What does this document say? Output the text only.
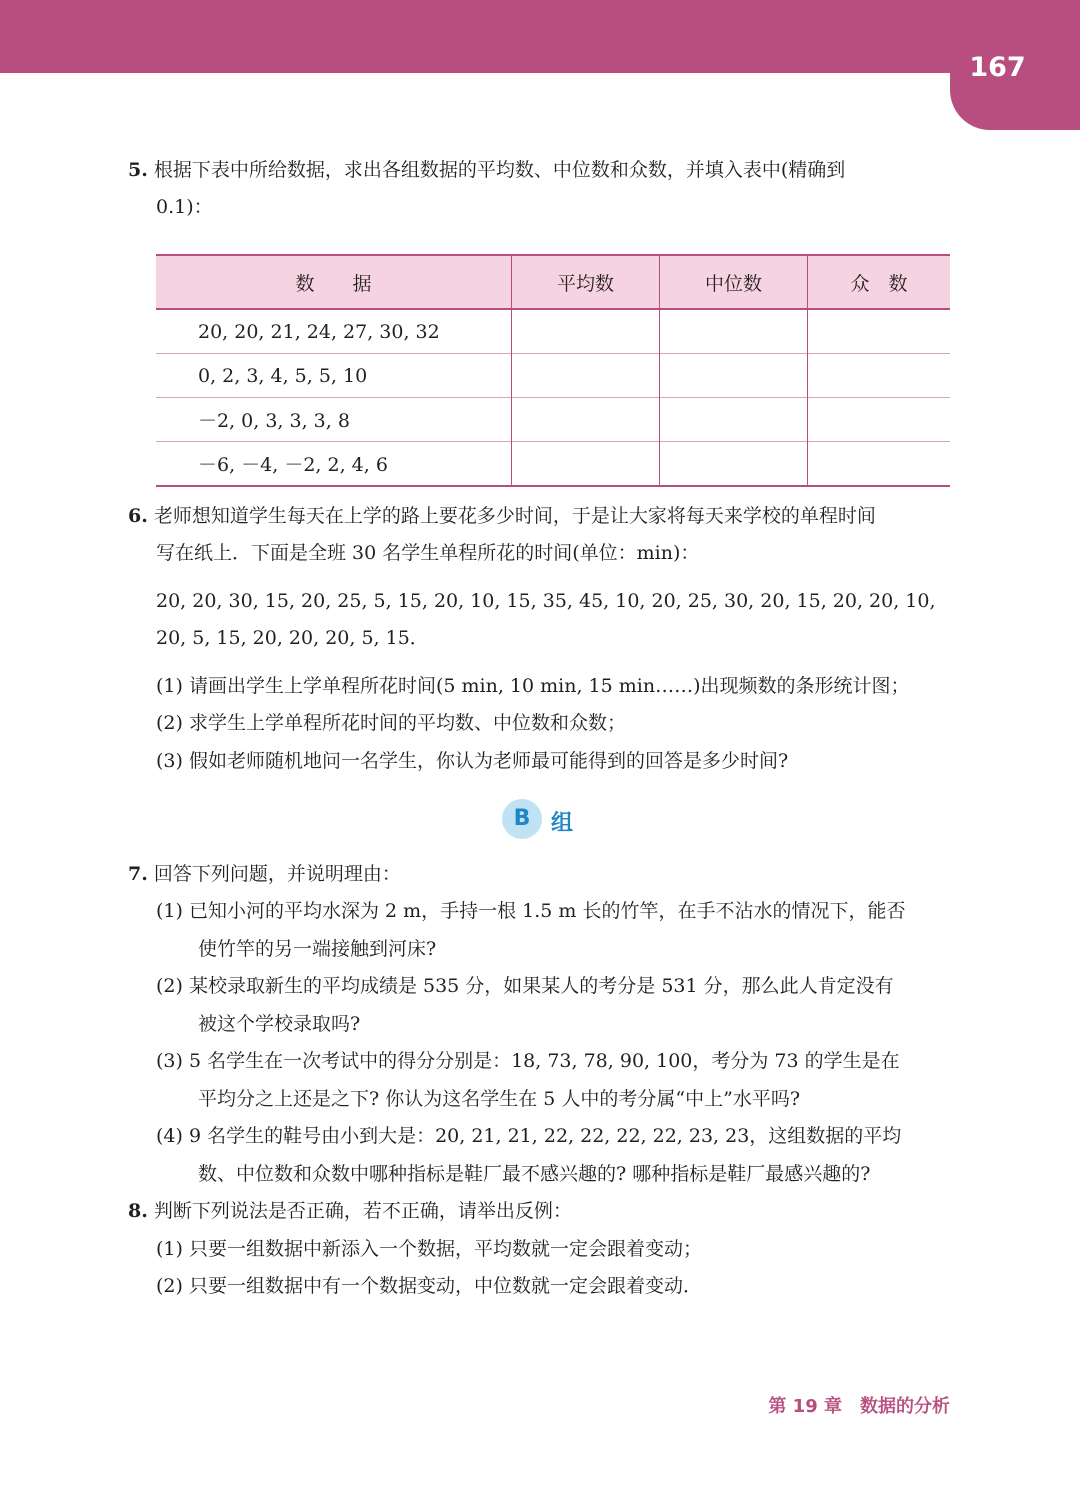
167
5. 根据下表中所给数据，求出各组数据的平均数、中位数和众数，并填入表中(精确到
0.1)：
数　　据	平均数	中位数	众　数
20, 20, 21, 24, 27, 30, 32			
0, 2, 3, 4, 5, 5, 10			
－2, 0, 3, 3, 3, 8			
－6, －4, －2, 2, 4, 6			
6. 老师想知道学生每天在上学的路上要花多少时间，于是让大家将每天来学校的单程时间
写在纸上．下面是全班 30 名学生单程所花的时间(单位：min)：
20, 20, 30, 15, 20, 25, 5, 15, 20, 10, 15, 35, 45, 10, 20, 25, 30, 20, 15, 20, 20, 10,
20, 5, 15, 20, 20, 20, 5, 15．
(1) 请画出学生上学单程所花时间(5 min, 10 min, 15 min……)出现频数的条形统计图；
(2) 求学生上学单程所花时间的平均数、中位数和众数；
(3) 假如老师随机地问一名学生，你认为老师最可能得到的回答是多少时间?
B 组
7. 回答下列问题，并说明理由：
(1) 已知小河的平均水深为 2 m，手持一根 1.5 m 长的竹竿，在手不沾水的情况下，能否
使竹竿的另一端接触到河床?
(2) 某校录取新生的平均成绩是 535 分，如果某人的考分是 531 分，那么此人肯定没有
被这个学校录取吗?
(3) 5 名学生在一次考试中的得分分别是：18, 73, 78, 90, 100，考分为 73 的学生是在
平均分之上还是之下? 你认为这名学生在 5 人中的考分属“中上”水平吗?
(4) 9 名学生的鞋号由小到大是：20, 21, 21, 22, 22, 22, 22, 23, 23，这组数据的平均
数、中位数和众数中哪种指标是鞋厂最不感兴趣的? 哪种指标是鞋厂最感兴趣的?
8. 判断下列说法是否正确，若不正确，请举出反例：
(1) 只要一组数据中新添入一个数据，平均数就一定会跟着变动；
(2) 只要一组数据中有一个数据变动，中位数就一定会跟着变动．
第 19 章　数据的分析
